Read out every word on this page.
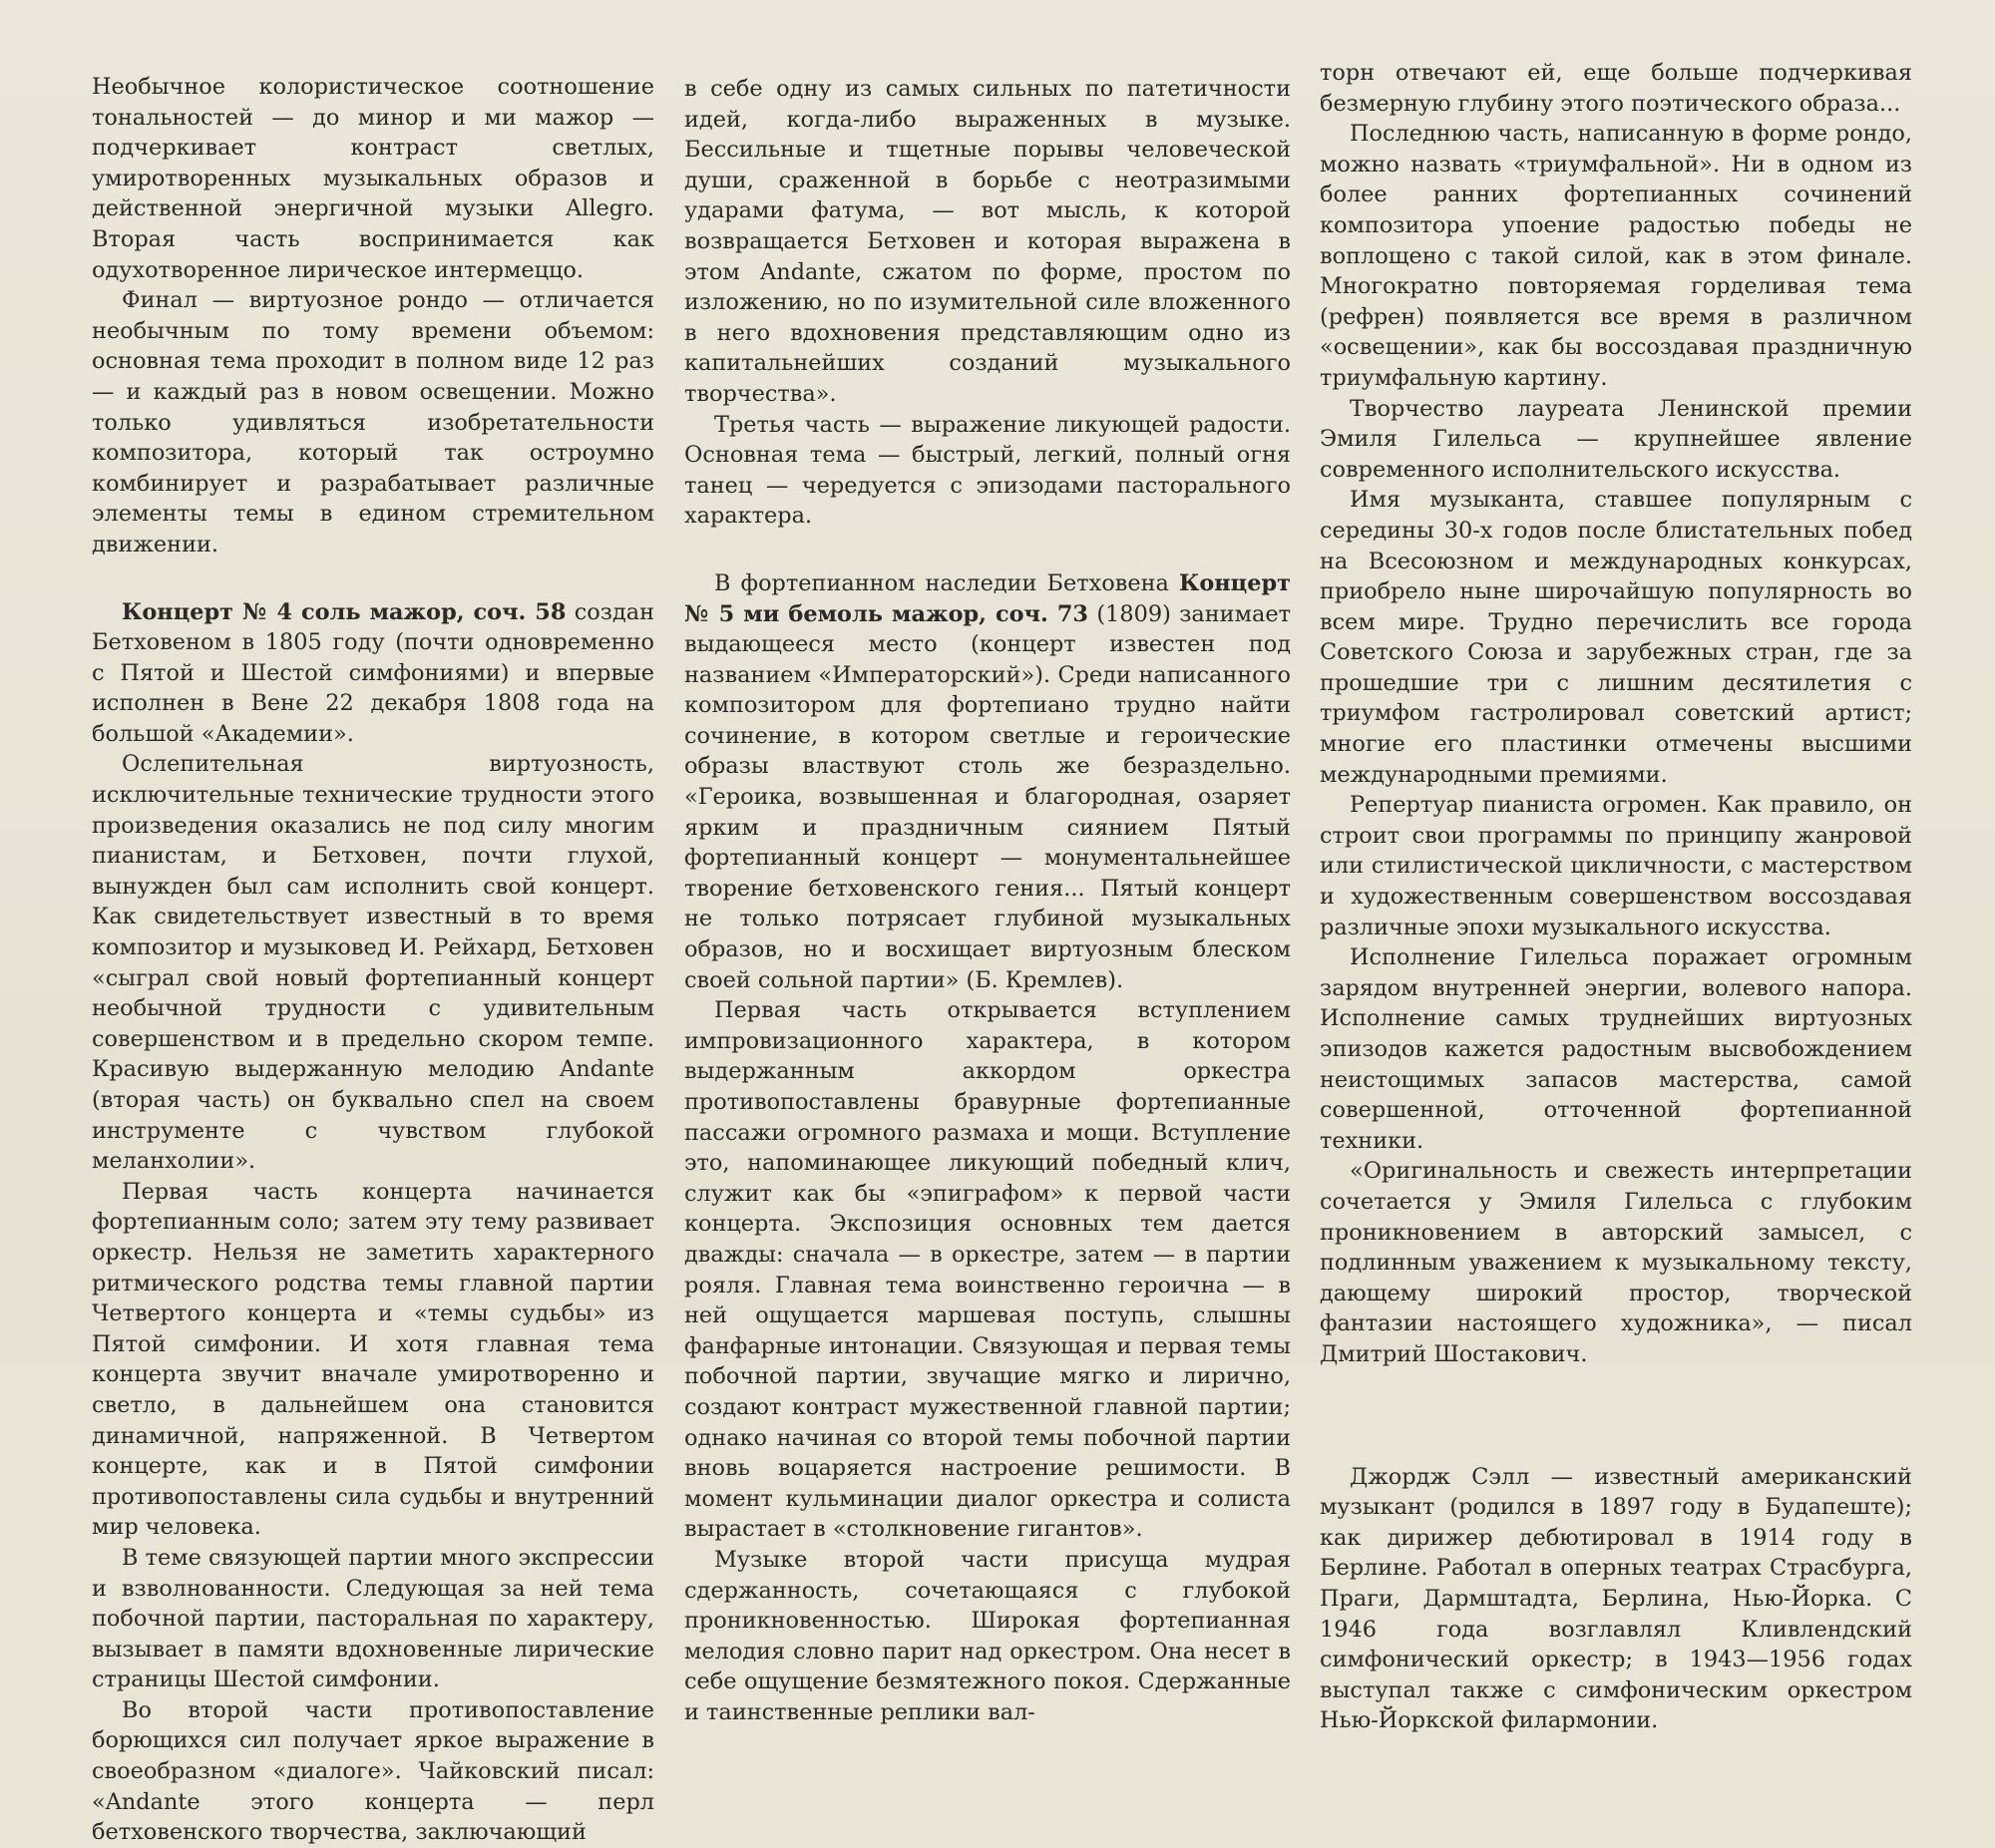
Необычное колористическое соотношение тональностей — до минор и ми мажор — подчеркивает контраст светлых, умиротворенных музыкальных образов и действенной энергичной музыки Allegro. Вторая часть воспринимается как одухотворенное лирическое интермеццо.

Финал — виртуозное рондо — отличается необычным по тому времени объемом: основная тема проходит в полном виде 12 раз — и каждый раз в новом освещении. Можно только удивляться изобретательности композитора, который так остроумно комбинирует и разрабатывает различные элементы темы в едином стремительном движении.

Концерт № 4 соль мажор, соч. 58 создан Бетховеном в 1805 году (почти одновременно с Пятой и Шестой симфониями) и впервые исполнен в Вене 22 декабря 1808 года на большой «Академии».

Ослепительная виртуозность, исключительные технические трудности этого произведения оказались не под силу многим пианистам, и Бетховен, почти глухой, вынужден был сам исполнить свой концерт. Как свидетельствует известный в то время композитор и музыковед И. Рейхард, Бетховен «сыграл свой новый фортепианный концерт необычной трудности с удивительным совершенством и в предельно скором темпе. Красивую выдержанную мелодию Andante (вторая часть) он буквально спел на своем инструменте с чувством глубокой меланхолии».

Первая часть концерта начинается фортепианным соло; затем эту тему развивает оркестр. Нельзя не заметить характерного ритмического родства темы главной партии Четвертого концерта и «темы судьбы» из Пятой симфонии. И хотя главная тема концерта звучит вначале умиротворенно и светло, в дальнейшем она становится динамичной, напряженной. В Четвертом концерте, как и в Пятой симфонии противопоставлены сила судьбы и внутренний мир человека.

В теме связующей партии много экспрессии и взволнованности. Следующая за ней тема побочной партии, пасторальная по характеру, вызывает в памяти вдохновенные лирические страницы Шестой симфонии.

Во второй части противопоставление борющихся сил получает яркое выражение в своеобразном «диалоге». Чайковский писал: «Andante этого концерта — перл бетховенского творчества, заключающий

в себе одну из самых сильных по патетичности идей, когда-либо выраженных в музыке. Бессильные и тщетные порывы человеческой души, сраженной в борьбе с неотразимыми ударами фатума, — вот мысль, к которой возвращается Бетховен и которая выражена в этом Andante, сжатом по форме, простом по изложению, но по изумительной силе вложенного в него вдохновения представляющим одно из капитальнейших созданий музыкального творчества».

Третья часть — выражение ликующей радости. Основная тема — быстрый, легкий, полный огня танец — чередуется с эпизодами пасторального характера.

В фортепианном наследии Бетховена Концерт № 5 ми бемоль мажор, соч. 73 (1809) занимает выдающееся место (концерт известен под названием «Императорский»). Среди написанного композитором для фортепиано трудно найти сочинение, в котором светлые и героические образы властвуют столь же безраздельно. «Героика, возвышенная и благородная, озаряет ярким и праздничным сиянием Пятый фортепианный концерт — монументальнейшее творение бетховенского гения... Пятый концерт не только потрясает глубиной музыкальных образов, но и восхищает виртуозным блеском своей сольной партии» (Б. Кремлев).

Первая часть открывается вступлением импровизационного характера, в котором выдержанным аккордом оркестра противопоставлены бравурные фортепианные пассажи огромного размаха и мощи. Вступление это, напоминающее ликующий победный клич, служит как бы «эпиграфом» к первой части концерта. Экспозиция основных тем дается дважды: сначала — в оркестре, затем — в партии рояля. Главная тема воинственно героична — в ней ощущается маршевая поступь, слышны фанфарные интонации. Связующая и первая темы побочной партии, звучащие мягко и лирично, создают контраст мужественной главной партии; однако начиная со второй темы побочной партии вновь воцаряется настроение решимости. В момент кульминации диалог оркестра и солиста вырастает в «столкновение гигантов».

Музыке второй части присуща мудрая сдержанность, сочетающаяся с глубокой проникновенностью. Широкая фортепианная мелодия словно парит над оркестром. Она несет в себе ощущение безмятежного покоя. Сдержанные и таинственные реплики вал-

торн отвечают ей, еще больше подчеркивая безмерную глубину этого поэтического образа...

Последнюю часть, написанную в форме рондо, можно назвать «триумфальной». Ни в одном из более ранних фортепианных сочинений композитора упоение радостью победы не воплощено с такой силой, как в этом финале. Многократно повторяемая горделивая тема (рефрен) появляется все время в различном «освещении», как бы воссоздавая праздничную триумфальную картину.

Творчество лауреата Ленинской премии Эмиля Гилельса — крупнейшее явление современного исполнительского искусства.

Имя музыканта, ставшее популярным с середины 30-х годов после блистательных побед на Всесоюзном и международных конкурсах, приобрело ныне широчайшую популярность во всем мире. Трудно перечислить все города Советского Союза и зарубежных стран, где за прошедшие три с лишним десятилетия с триумфом гастролировал советский артист; многие его пластинки отмечены высшими международными премиями.

Репертуар пианиста огромен. Как правило, он строит свои программы по принципу жанровой или стилистической цикличности, с мастерством и художественным совершенством воссоздавая различные эпохи музыкального искусства.

Исполнение Гилельса поражает огромным зарядом внутренней энергии, волевого напора. Исполнение самых труднейших виртуозных эпизодов кажется радостным высвобождением неистощимых запасов мастерства, самой совершенной, отточенной фортепианной техники.

«Оригинальность и свежесть интерпретации сочетается у Эмиля Гилельса с глубоким проникновением в авторский замысел, с подлинным уважением к музыкальному тексту, дающему широкий простор, творческой фантазии настоящего художника», — писал Дмитрий Шостакович.

Джордж Сэлл — известный американский музыкант (родился в 1897 году в Будапеште); как дирижер дебютировал в 1914 году в Берлине. Работал в оперных театрах Страсбурга, Праги, Дармштадта, Берлина, Нью-Йорка. С 1946 года возглавлял Кливлендский симфонический оркестр; в 1943—1956 годах выступал также с симфоническим оркестром Нью-Йоркской филармонии.
